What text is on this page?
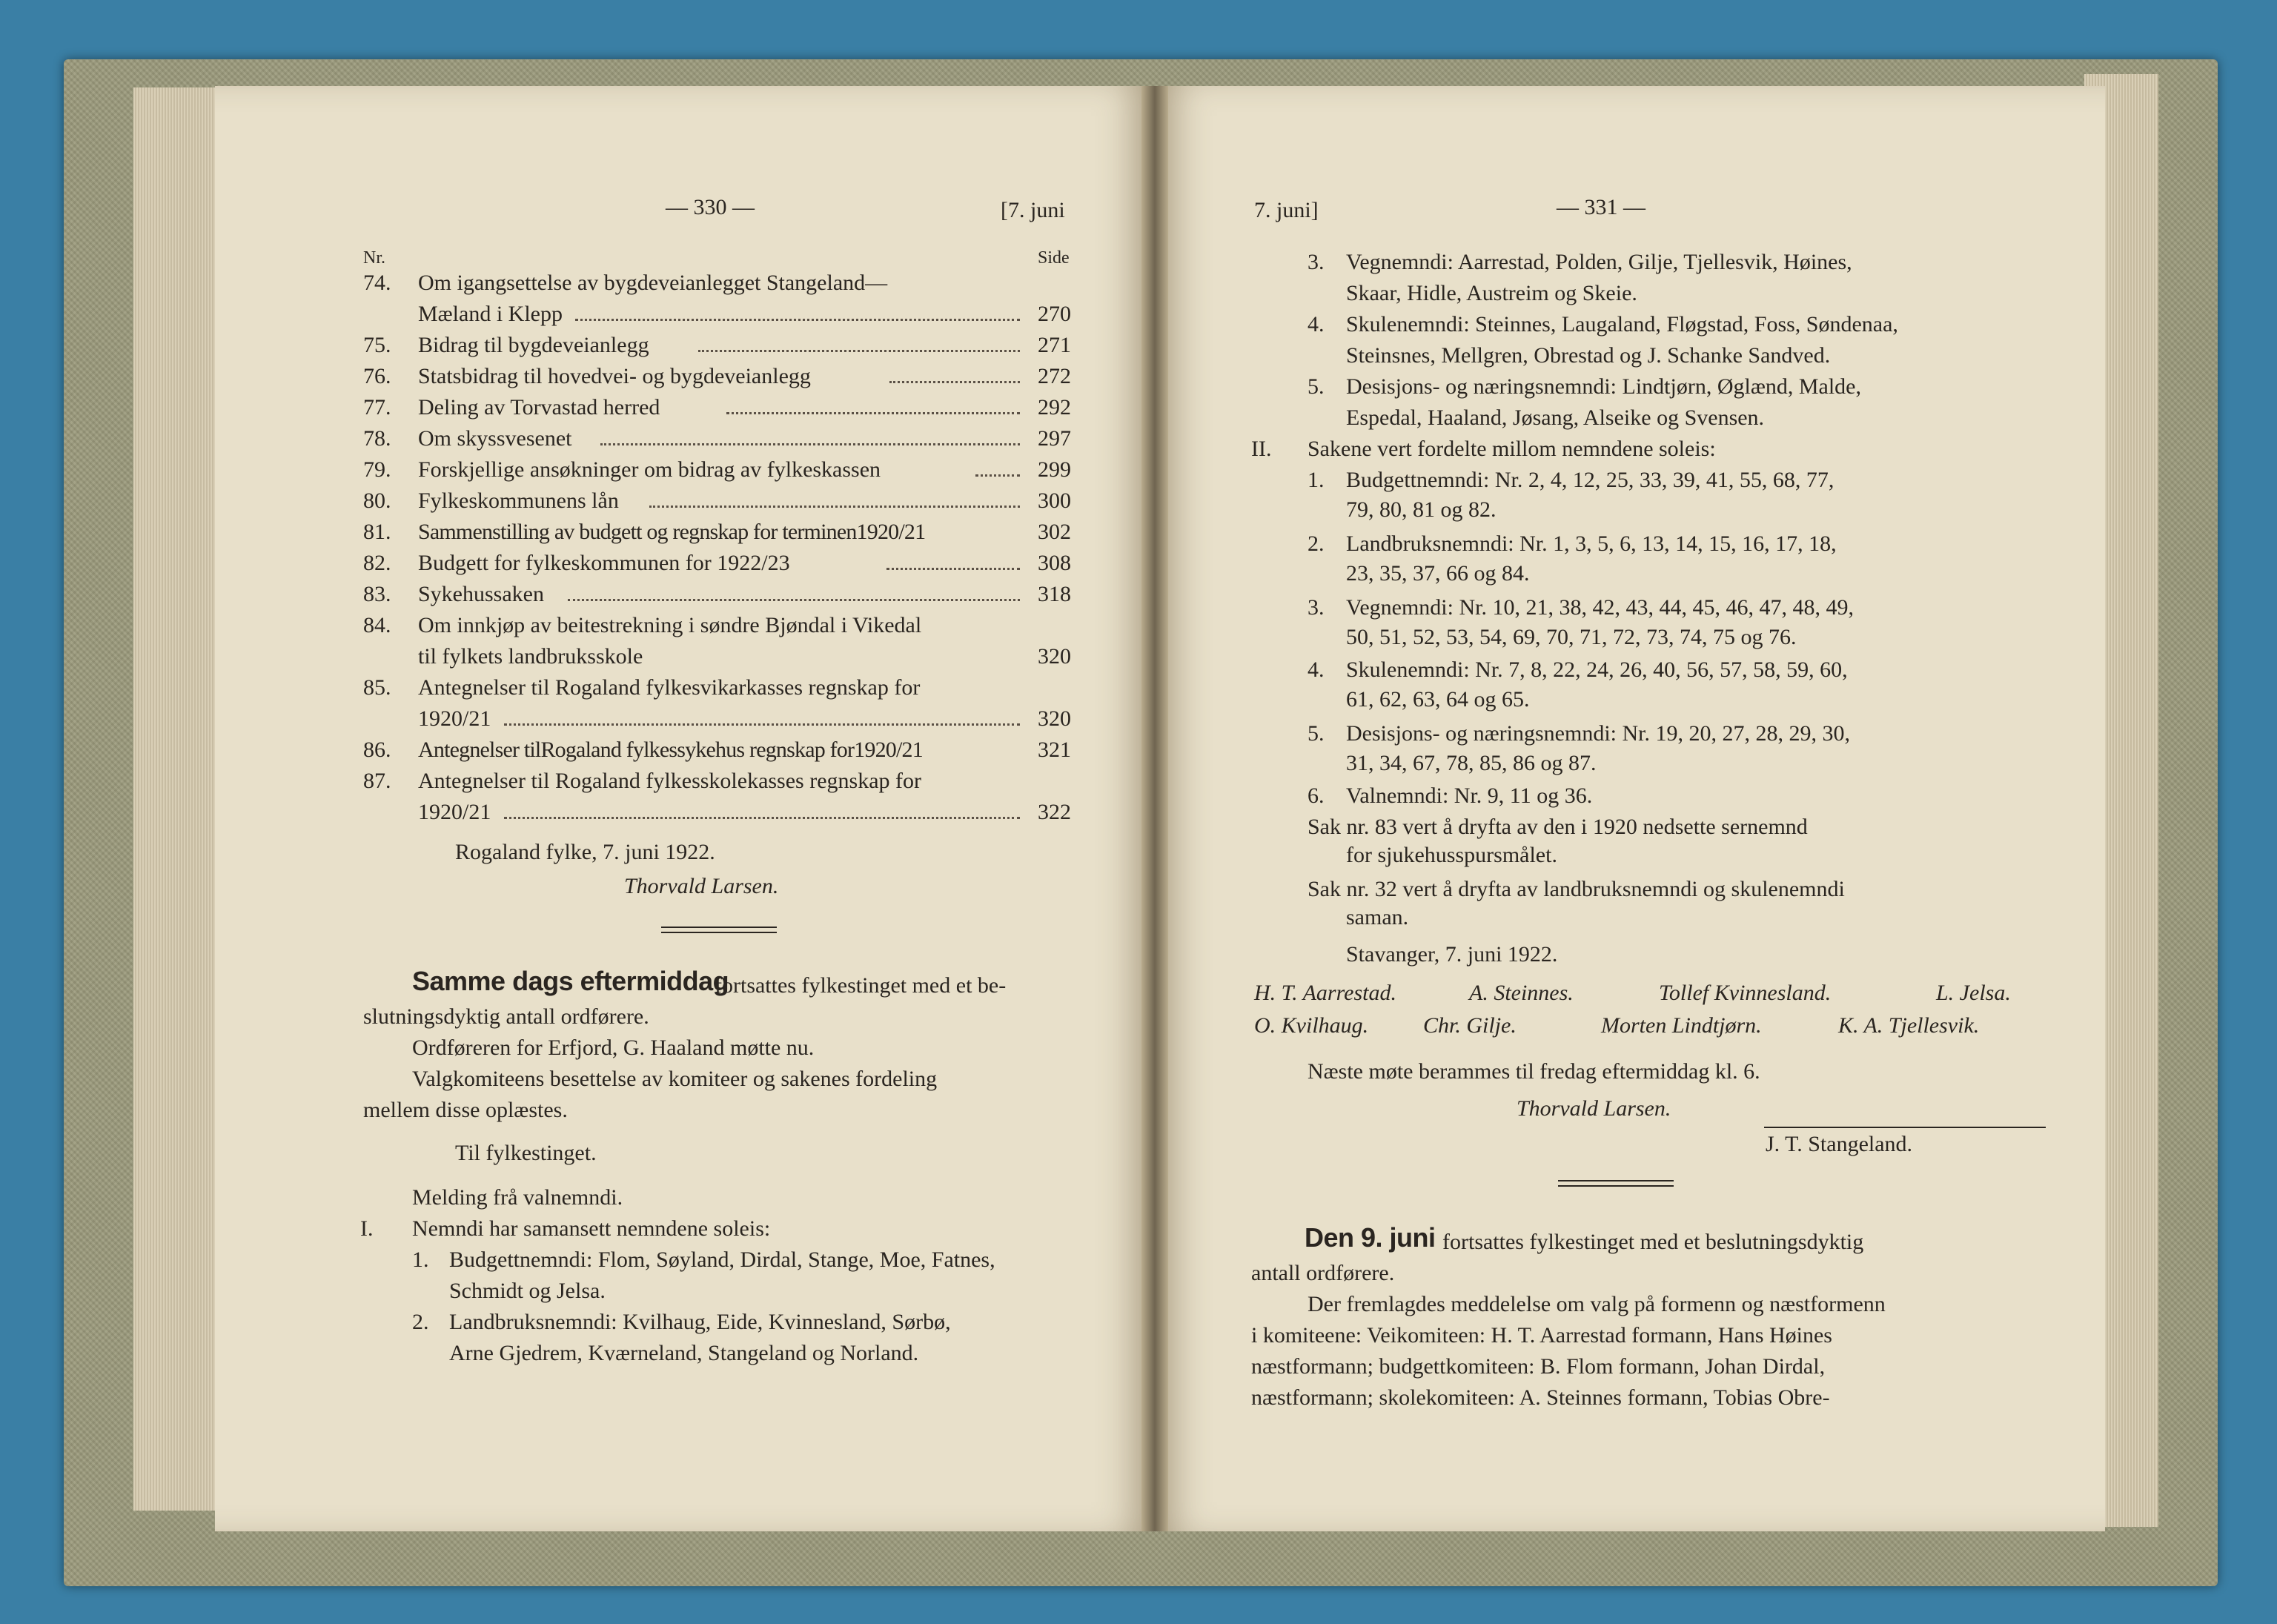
— 330 —	[7. juni
Nr.	Side
74. Om igangsettelse av bygdeveianlegget Stangeland—
Mæland i Klepp	270
75. Bidrag til bygdeveianlegg	271
76. Statsbidrag til hovedvei- og bygdeveianlegg	272
77. Deling av Torvastad herred	292
78. Om skyssvesenet	297
79. Forskjellige ansøkninger om bidrag av fylkeskassen	299
80. Fylkeskommunens lån	300
81. Sammenstilling av budgett og regnskap for terminen1920/21	302
82. Budgett for fylkeskommunen for 1922/23	308
83. Sykehussaken	318
84. Om innkjøp av beitestrekning i søndre Bjøndal i Vikedal
til fylkets landbruksskole	320
85. Antegnelser til Rogaland fylkesvikarkasses regnskap for
1920/21	320
86. Antegnelser tilRogaland fylkessykehus regnskap for1920/21	321
87. Antegnelser til Rogaland fylkesskolekasses regnskap for
1920/21	322
Rogaland fylke, 7. juni 1922.
Thorvald Larsen.
Samme dags eftermiddag
fortsattes fylkestinget med et be-
slutningsdyktig antall ordførere.
Ordføreren for Erfjord, G. Haaland møtte nu.
Valgkomiteens besettelse av komiteer og sakenes fordeling
mellem disse oplæstes.
Til fylkestinget.
Melding frå valnemndi.
I. Nemndi har samansett nemndene soleis:
1. Budgettnemndi: Flom, Søyland, Dirdal, Stange, Moe, Fatnes,
Schmidt og Jelsa.
2. Landbruksnemndi: Kvilhaug, Eide, Kvinnesland, Sørbø,
Arne Gjedrem, Kværneland, Stangeland og Norland.
7. juni]	— 331 —
3. Vegnemndi: Aarrestad, Polden, Gilje, Tjellesvik, Høines,
Skaar, Hidle, Austreim og Skeie.
4. Skulenemndi: Steinnes, Laugaland, Fløgstad, Foss, Søndenaa,
Steinsnes, Mellgren, Obrestad og J. Schanke Sandved.
5. Desisjons- og næringsnemndi: Lindtjørn, Øglænd, Malde,
Espedal, Haaland, Jøsang, Alseike og Svensen.
II. Sakene vert fordelte millom nemndene soleis:
1. Budgettnemndi: Nr. 2, 4, 12, 25, 33, 39, 41, 55, 68, 77,
79, 80, 81 og 82.
2. Landbruksnemndi: Nr. 1, 3, 5, 6, 13, 14, 15, 16, 17, 18,
23, 35, 37, 66 og 84.
3. Vegnemndi: Nr. 10, 21, 38, 42, 43, 44, 45, 46, 47, 48, 49,
50, 51, 52, 53, 54, 69, 70, 71, 72, 73, 74, 75 og 76.
4. Skulenemndi: Nr. 7, 8, 22, 24, 26, 40, 56, 57, 58, 59, 60,
61, 62, 63, 64 og 65.
5. Desisjons- og næringsnemndi: Nr. 19, 20, 27, 28, 29, 30,
31, 34, 67, 78, 85, 86 og 87.
6. Valnemndi: Nr. 9, 11 og 36.
Sak nr. 83 vert å dryfta av den i 1920 nedsette sernemnd
for sjukehusspursmålet.
Sak nr. 32 vert å dryfta av landbruksnemndi og skulenemndi
saman.
Stavanger, 7. juni 1922.
H. T. Aarrestad.	A. Steinnes.	Tollef Kvinnesland.	L. Jelsa.
O. Kvilhaug. Chr. Gilje.	Morten Lindtjørn.	K. A. Tjellesvik.
Næste møte berammes til fredag eftermiddag kl. 6.
Thorvald Larsen.
J. T. Stangeland.
Den 9. juni fortsattes fylkestinget med et beslutningsdyktig
antall ordførere.
Der fremlagdes meddelelse om valg på formenn og næstformenn
i komiteene: Veikomiteen: H. T. Aarrestad formann, Hans Høines
næstformann; budgettkomiteen: B. Flom formann, Johan Dirdal,
næstformann; skolekomiteen: A. Steinnes formann, Tobias Obre-
